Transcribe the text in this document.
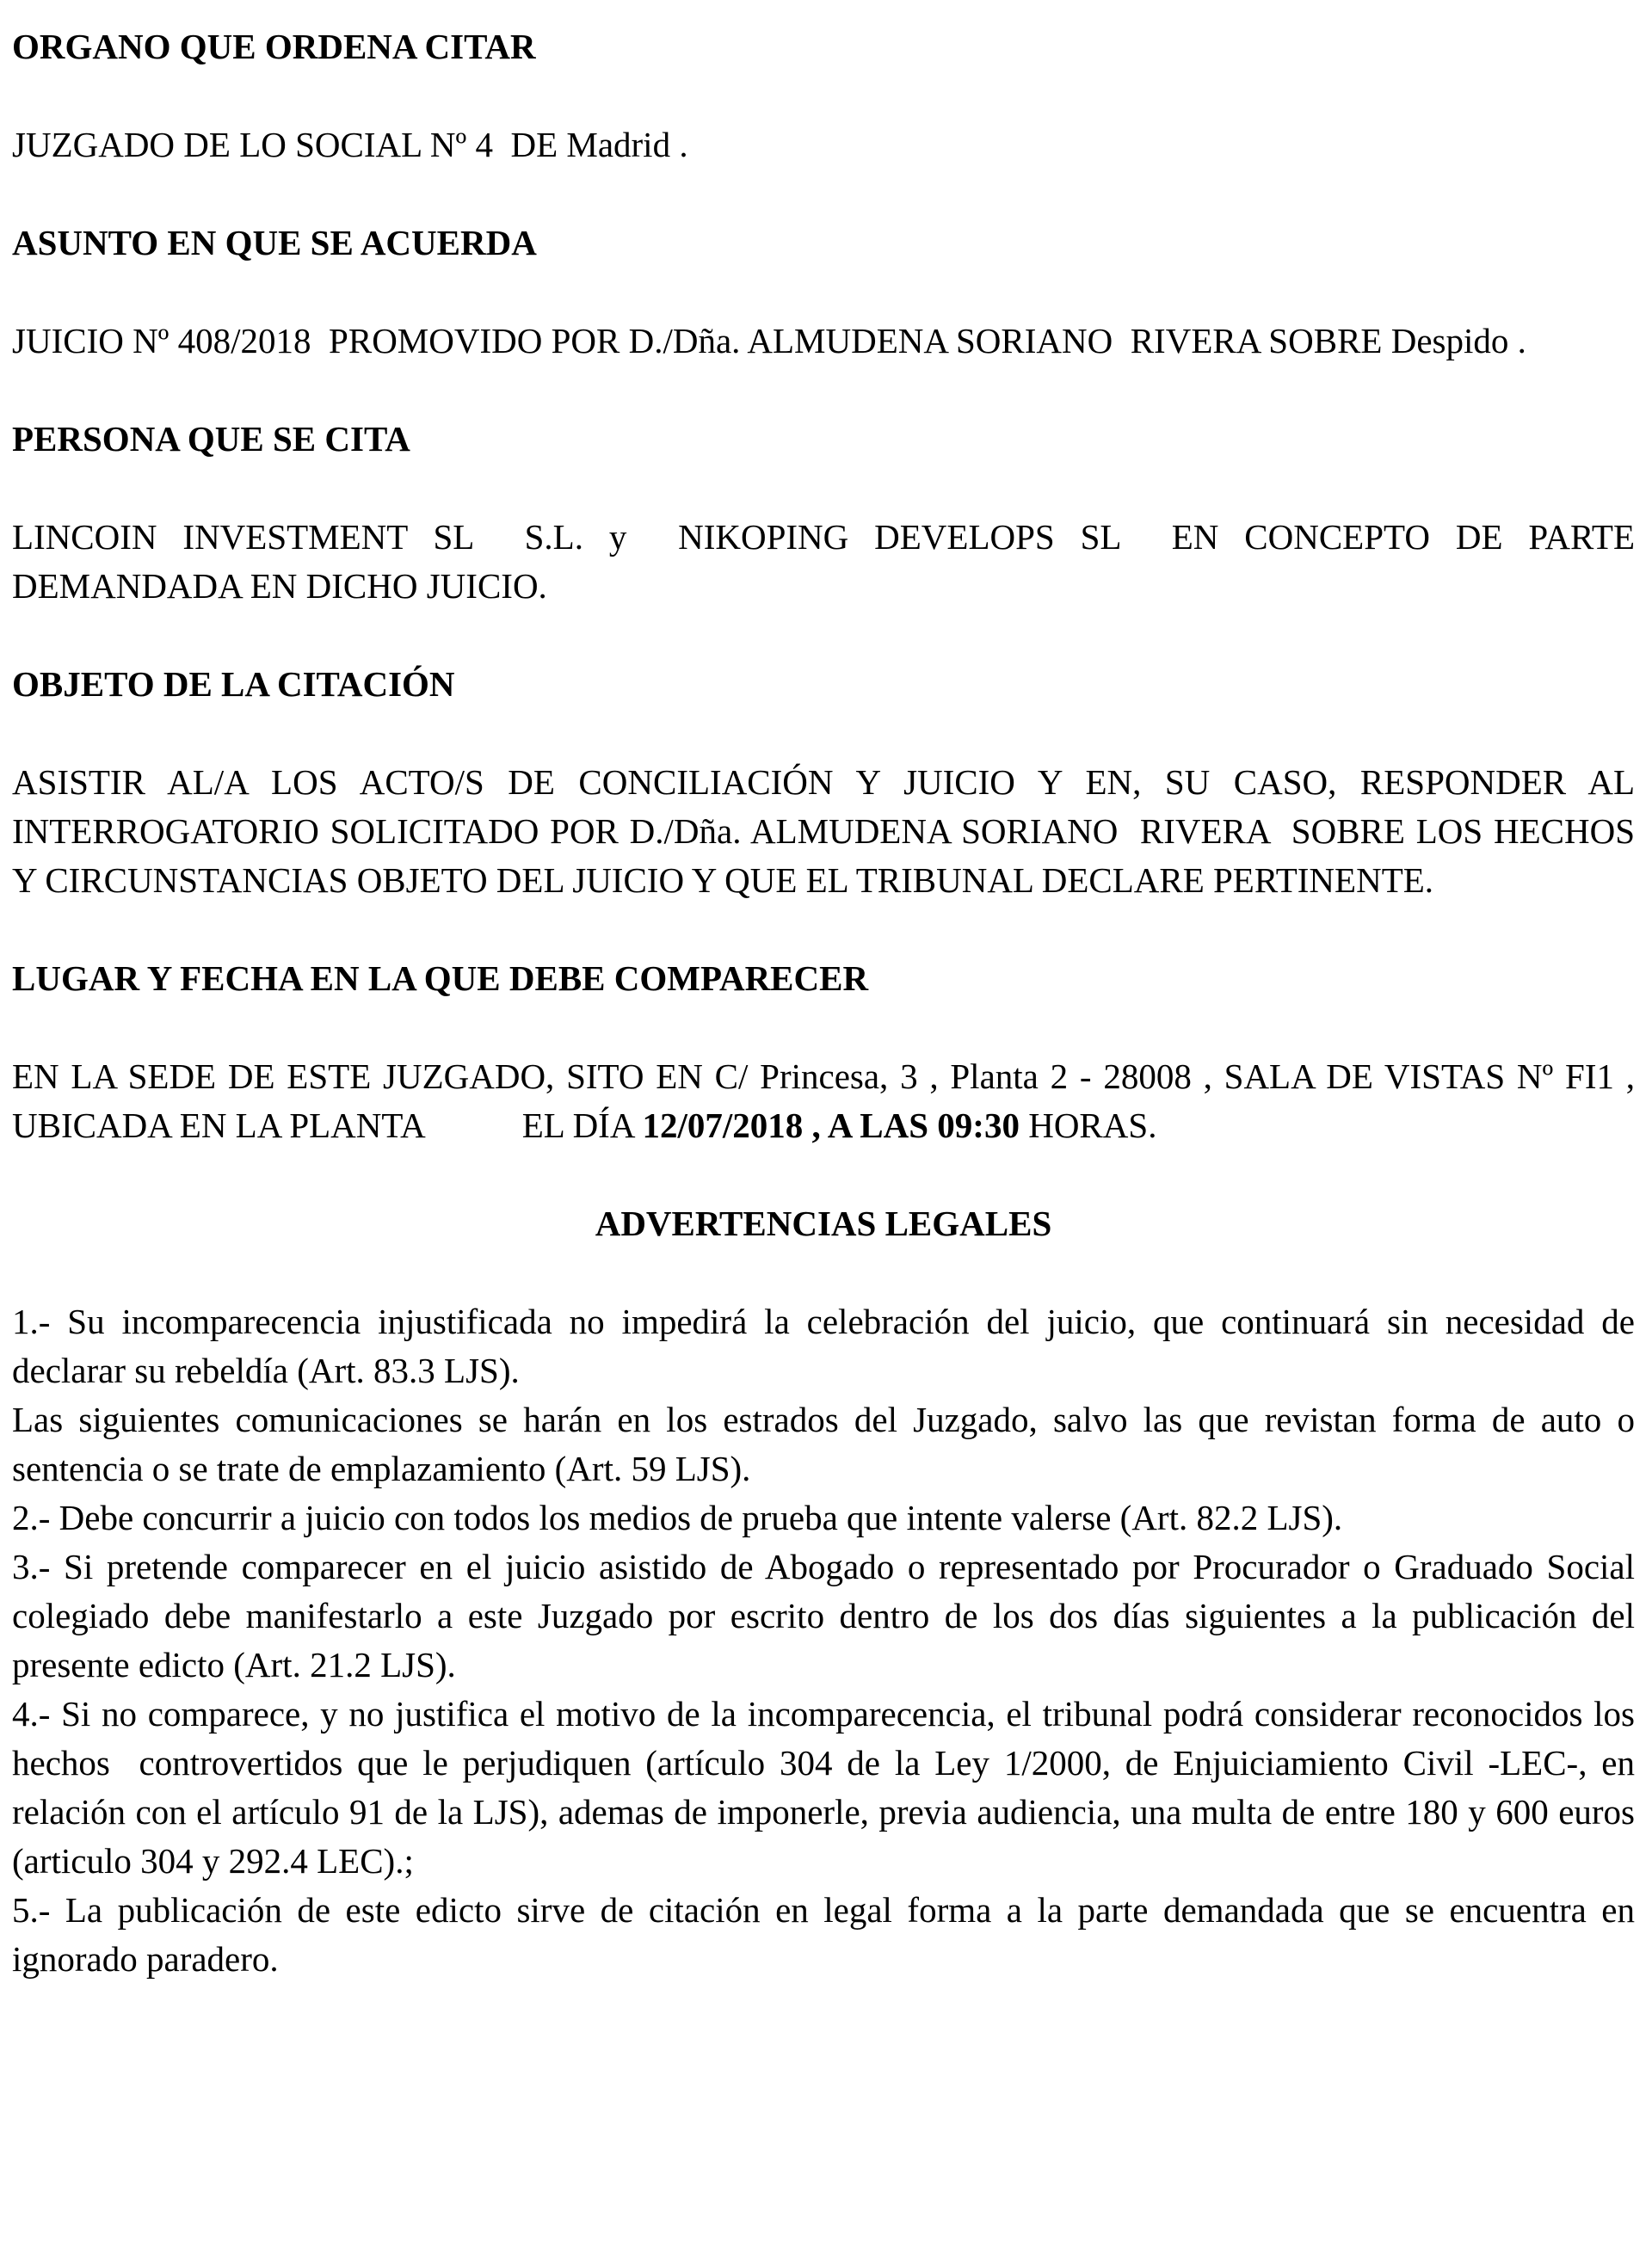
ORGANO QUE ORDENA CITAR
JUZGADO DE LO SOCIAL Nº 4  DE Madrid .
ASUNTO EN QUE SE ACUERDA
JUICIO Nº 408/2018  PROMOVIDO POR D./Dña. ALMUDENA SORIANO  RIVERA SOBRE Despido .
PERSONA QUE SE CITA
LINCOIN INVESTMENT SL  S.L. y  NIKOPING DEVELOPS SL  EN CONCEPTO DE PARTE DEMANDADA EN DICHO JUICIO.
OBJETO DE LA CITACIÓN
ASISTIR AL/A LOS ACTO/S DE CONCILIACIÓN Y JUICIO Y EN, SU CASO, RESPONDER AL INTERROGATORIO SOLICITADO POR D./Dña. ALMUDENA SORIANO  RIVERA  SOBRE LOS HECHOS Y CIRCUNSTANCIAS OBJETO DEL JUICIO Y QUE EL TRIBUNAL DECLARE PERTINENTE.
LUGAR Y FECHA EN LA QUE DEBE COMPARECER
EN LA SEDE DE ESTE JUZGADO, SITO EN C/ Princesa, 3 , Planta 2 - 28008 , SALA DE VISTAS Nº FI1 , UBICADA EN LA PLANTA	EL DÍA 12/07/2018 , A LAS 09:30 HORAS.
ADVERTENCIAS LEGALES

1.- Su incomparecencia injustificada no impedirá la celebración del juicio, que continuará sin necesidad de declarar su rebeldía (Art. 83.3 LJS).

Las siguientes comunicaciones se harán en los estrados del Juzgado, salvo las que revistan forma de auto o sentencia o se trate de emplazamiento (Art. 59 LJS).

2.- Debe concurrir a juicio con todos los medios de prueba que intente valerse (Art. 82.2 LJS).

3.- Si pretende comparecer en el juicio asistido de Abogado o representado por Procurador o Graduado Social colegiado debe manifestarlo a este Juzgado por escrito dentro de los dos días siguientes a la publicación del presente edicto (Art. 21.2 LJS).

4.- Si no comparece, y no justifica el motivo de la incomparecencia, el tribunal podrá considerar reconocidos los hechos  controvertidos que le perjudiquen (artículo 304 de la Ley 1/2000, de Enjuiciamiento Civil -LEC-, en relación con el artículo 91 de la LJS), ademas de imponerle, previa audiencia, una multa de entre 180 y 600 euros (articulo 304 y 292.4 LEC).;

5.- La publicación de este edicto sirve de citación en legal forma a la parte demandada que se encuentra en ignorado paradero.
